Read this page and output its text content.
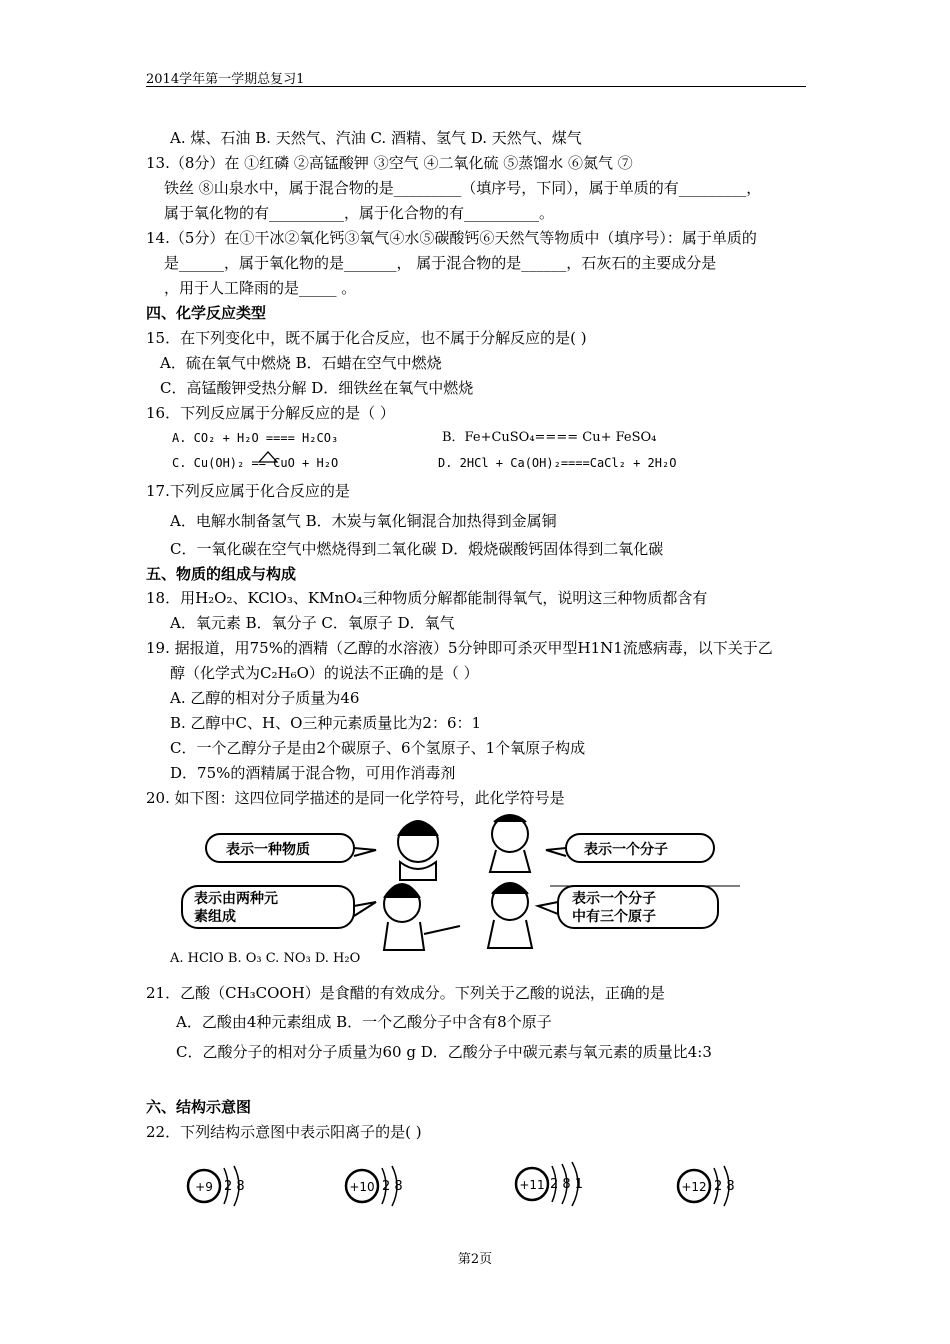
2014学年第一学期总复习1
A. 煤、石油 B. 天然气、汽油 C. 酒精、氢气 D. 天然气、煤气
13.（8分）在 ①红磷 ②高锰酸钾 ③空气 ④二氧化硫 ⑤蒸馏水 ⑥氮气 ⑦
铁丝 ⑧山泉水中，属于混合物的是_________（填序号，下同），属于单质的有_________，
属于氧化物的有__________，属于化合物的有__________。
14.（5分）在①干冰②氧化钙③氧气④水⑤碳酸钙⑥天然气等物质中（填序号）：属于单质的
是______，属于氧化物的是_______， 属于混合物的是______，石灰石的主要成分是
，用于人工降雨的是_____ 。
四、化学反应类型
15．在下列变化中，既不属于化合反应，也不属于分解反应的是( )
A．硫在氧气中燃烧 B．石蜡在空气中燃烧
C．高锰酸钾受热分解 D．细铁丝在氧气中燃烧
16．下列反应属于分解反应的是（ ）
A. CO₂ + H₂O ==== H₂CO₃	B．Fe+CuSO₄==== Cu+ FeSO₄
C. Cu(OH)₂ == CuO + H₂O	D. 2HCl + Ca(OH)₂====CaCl₂ + 2H₂O
17.下列反应属于化合反应的是
A．电解水制备氢气 B．木炭与氧化铜混合加热得到金属铜
C．一氧化碳在空气中燃烧得到二氧化碳 D．煅烧碳酸钙固体得到二氧化碳
五、物质的组成与构成
18．用H₂O₂、KClO₃、KMnO₄三种物质分解都能制得氧气，说明这三种物质都含有
A．氧元素 B．氧分子 C．氧原子 D．氧气
19. 据报道，用75%的酒精（乙醇的水溶液）5分钟即可杀灭甲型H1N1流感病毒，以下关于乙
醇（化学式为C₂H₆O）的说法不正确的是（ ）
A. 乙醇的相对分子质量为46
B. 乙醇中C、H、O三种元素质量比为2：6：1
C．一个乙醇分子是由2个碳原子、6个氢原子、1个氧原子构成
D．75%的酒精属于混合物，可用作消毒剂
20. 如下图：这四位同学描述的是同一化学符号，此化学符号是
表示一种物质	表示一个分子
表示由两种元
素组成
表示一个分子
中有三个原子
A. HClO B. O₃ C. NO₃ D. H₂O
21．乙酸（CH₃COOH）是食醋的有效成分。下列关于乙酸的说法，正确的是
A．乙酸由4种元素组成 B．一个乙酸分子中含有8个原子
C．乙酸分子的相对分子质量为60 g D．乙酸分子中碳元素与氧元素的质量比4:3
六、结构示意图
22．下列结构示意图中表示阳离子的是( )
+9 2 8	+10 2 8	+11 2 8 1	+12 2 8
第2页
